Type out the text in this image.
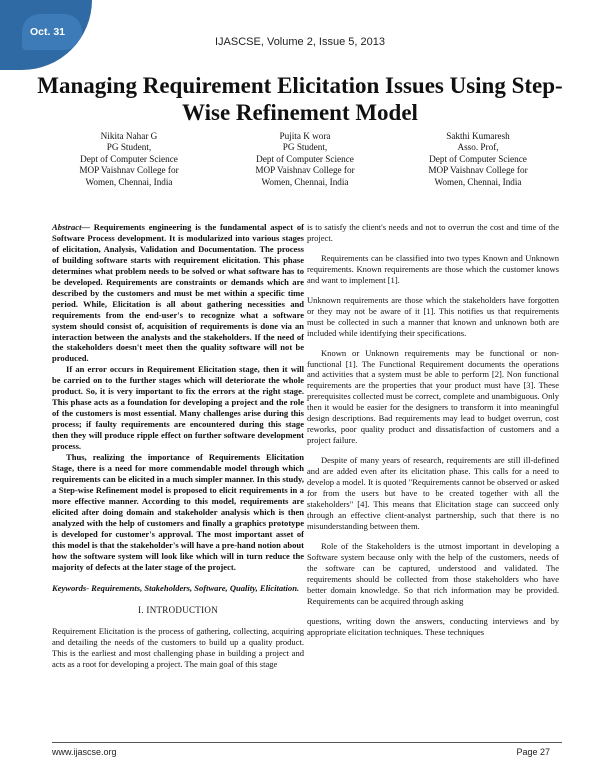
Oct. 31
IJASCSE, Volume 2, Issue 5, 2013
Managing Requirement Elicitation Issues Using Step-Wise Refinement Model
Nikita Nahar G
PG Student,
Dept of Computer Science
MOP Vaishnav College for
Women, Chennai, India
Pujita K wora
PG Student,
Dept of Computer Science
MOP Vaishnav College for
Women, Chennai, India
Sakthi Kumaresh
Asso. Prof,
Dept of Computer Science
MOP Vaishnav College for
Women, Chennai, India

Abstract— Requirements engineering is the fundamental aspect of Software Process development. It is modularized into various stages of elicitation, Analysis, Validation and Documentation. The process of building software starts with requirement elicitation. This phase determines what problem needs to be solved or what software has to be developed. Requirements are constraints or demands which are described by the customers and must be met within a specific time period. While, Elicitation is all about gathering necessities and requirements from the end-user's to recognize what a software system should consist of, acquisition of requirements is done via an interaction between the analysts and the stakeholders. If the need of the stakeholders doesn't meet then the quality software will not be produced.

If an error occurs in Requirement Elicitation stage, then it will be carried on to the further stages which will deteriorate the whole product. So, it is very important to fix the errors at the right stage. This phase acts as a foundation for developing a project and the role of the customers is most essential. Many challenges arise during this process; if faulty requirements are encountered during this stage then they will produce ripple effect on further software development process.

Thus, realizing the importance of Requirements Elicitation Stage, there is a need for more commendable model through which requirements can be elicited in a much simpler manner. In this study, a Step-wise Refinement model is proposed to elicit requirements in a more effective manner. According to this model, requirements are elicited after doing domain and stakeholder analysis which is then analyzed with the help of customers and finally a graphics prototype is developed for customer's approval. The most important asset of this model is that the stakeholder's will have a pre-hand notion about how the software system will look like which will in turn reduce the majority of defects at the later stage of the project.

Keywords- Requirements, Stakeholders, Software, Quality, Elicitation.

I. INTRODUCTION

Requirement Elicitation is the process of gathering, collecting, acquiring and detailing the needs of the customers to build up a quality product. This is the earliest and most challenging phase in building a project and acts as a root for developing a project. The main goal of this stage

is to satisfy the client's needs and not to overrun the cost and time of the project.

Requirements can be classified into two types Known and Unknown requirements. Known requirements are those which the customer knows and want to implement [1].

Unknown requirements are those which the stakeholders have forgotten or they may not be aware of it [1]. This notifies us that requirements must be collected in such a manner that known and unknown both are included while identifying their specifications.

Known or Unknown requirements may be functional or non-functional [1]. The Functional Requirement documents the operations and activities that a system must be able to perform [2]. Non functional requirements are the properties that your product must have [3]. These prerequisites collected must be correct, complete and unambiguous. Only then it would be easier for the designers to transform it into meaningful design descriptions. Bad requirements may lead to budget overrun, cost reworks, poor quality product and dissatisfaction of customers and a project failure.

Despite of many years of research, requirements are still ill-defined and are added even after its elicitation phase. This calls for a need to develop a model. It is quoted "Requirements cannot be observed or asked for from the users but have to be created together with all the stakeholders" [4]. This means that Elicitation stage can succeed only through an effective client-analyst partnership, such that there is no misunderstanding between them.

Role of the Stakeholders is the utmost important in developing a Software system because only with the help of the customers, needs of the software can be captured, understood and validated. The requirements should be collected from those stakeholders who have better domain knowledge. So that rich information may be provided. Requirements can be acquired through asking

questions, writing down the answers, conducting interviews and by appropriate elicitation techniques. These techniques

www.ijascse.org	Page 27
